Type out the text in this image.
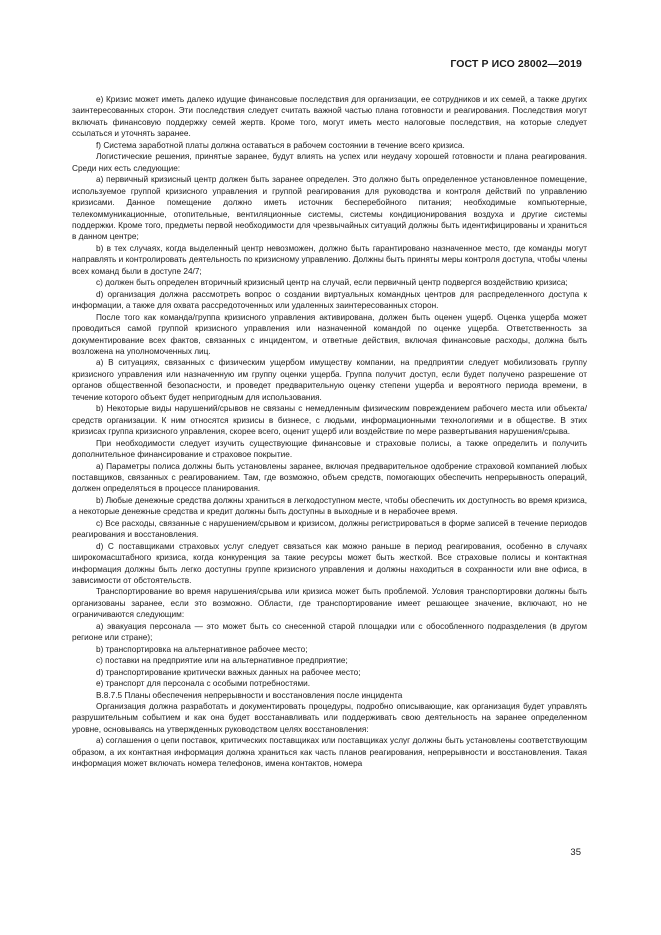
ГОСТ Р ИСО 28002—2019

е) Кризис может иметь далеко идущие финансовые последствия для организации, ее сотрудников и их семей, а также других заинтересованных сторон. Эти последствия следует считать важной частью плана готовности и реагирования. Последствия могут включать финансовую поддержку семей жертв. Кроме того, могут иметь место налоговые последствия, на которые следует ссылаться и уточнять заранее.

f) Система заработной платы должна оставаться в рабочем состоянии в течение всего кризиса.

Логистические решения, принятые заранее, будут влиять на успех или неудачу хорошей готовности и плана реагирования. Среди них есть следующие:

а) первичный кризисный центр должен быть заранее определен. Это должно быть определенное установленное помещение, используемое группой кризисного управления и группой реагирования для руководства и контроля действий по управлению кризисами. Данное помещение должно иметь источник бесперебойного питания; необходимые компьютерные, телекоммуникационные, отопительные, вентиляционные системы, системы кондиционирования воздуха и другие системы поддержки. Кроме того, предметы первой необходимости для чрезвычайных ситуаций должны быть идентифицированы и храниться в данном центре;

b) в тех случаях, когда выделенный центр невозможен, должно быть гарантировано назначенное место, где команды могут направлять и контролировать деятельность по кризисному управлению. Должны быть приняты меры контроля доступа, чтобы члены всех команд были в доступе 24/7;

с) должен быть определен вторичный кризисный центр на случай, если первичный центр подвергся воздействию кризиса;

d) организация должна рассмотреть вопрос о создании виртуальных командных центров для распределенного доступа к информации, а также для охвата рассредоточенных или удаленных заинтересованных сторон.

После того как команда/группа кризисного управления активирована, должен быть оценен ущерб. Оценка ущерба может проводиться самой группой кризисного управления или назначенной командой по оценке ущерба. Ответственность за документирование всех фактов, связанных с инцидентом, и ответные действия, включая финансовые расходы, должна быть возложена на уполномоченных лиц.

а) В ситуациях, связанных с физическим ущербом имуществу компании, на предприятии следует мобилизовать группу кризисного управления или назначенную им группу оценки ущерба. Группа получит доступ, если будет получено разрешение от органов общественной безопасности, и проведет предварительную оценку степени ущерба и вероятного периода времени, в течение которого объект будет непригодным для использования.

b) Некоторые виды нарушений/срывов не связаны с немедленным физическим повреждением рабочего места или объекта/средств организации. К ним относятся кризисы в бизнесе, с людьми, информационными технологиями и в обществе. В этих кризисах группа кризисного управления, скорее всего, оценит ущерб или воздействие по мере развертывания нарушения/срыва.

При необходимости следует изучить существующие финансовые и страховые полисы, а также определить и получить дополнительное финансирование и страховое покрытие.

а) Параметры полиса должны быть установлены заранее, включая предварительное одобрение страховой компанией любых поставщиков, связанных с реагированием. Там, где возможно, объем средств, помогающих обеспечить непрерывность операций, должен определяться в процессе планирования.

b) Любые денежные средства должны храниться в легкодоступном месте, чтобы обеспечить их доступность во время кризиса, а некоторые денежные средства и кредит должны быть доступны в выходные и в нерабочее время.

с) Все расходы, связанные с нарушением/срывом и кризисом, должны регистрироваться в форме записей в течение периодов реагирования и восстановления.

d) С поставщиками страховых услуг следует связаться как можно раньше в период реагирования, особенно в случаях широкомасштабного кризиса, когда конкуренция за такие ресурсы может быть жесткой. Все страховые полисы и контактная информация должны быть легко доступны группе кризисного управления и должны находиться в сохранности или вне офиса, в зависимости от обстоятельств.

Транспортирование во время нарушения/срыва или кризиса может быть проблемой. Условия транспортировки должны быть организованы заранее, если это возможно. Области, где транспортирование имеет решающее значение, включают, но не ограничиваются следующим:

а) эвакуация персонала — это может быть со снесенной старой площадки или с обособленного подразделения (в другом регионе или стране);

b) транспортировка на альтернативное рабочее место;

с) поставки на предприятие или на альтернативное предприятие;

d) транспортирование критически важных данных на рабочее место;

е) транспорт для персонала с особыми потребностями.

В.8.7.5 Планы обеспечения непрерывности и восстановления после инцидента

Организация должна разработать и документировать процедуры, подробно описывающие, как организация будет управлять разрушительным событием и как она будет восстанавливать или поддерживать свою деятельность на заранее определенном уровне, основываясь на утвержденных руководством целях восстановления:

а) соглашения о цепи поставок, критических поставщиках или поставщиках услуг должны быть установлены соответствующим образом, а их контактная информация должна храниться как часть планов реагирования, непрерывности и восстановления. Такая информация может включать номера телефонов, имена контактов, номера

35
